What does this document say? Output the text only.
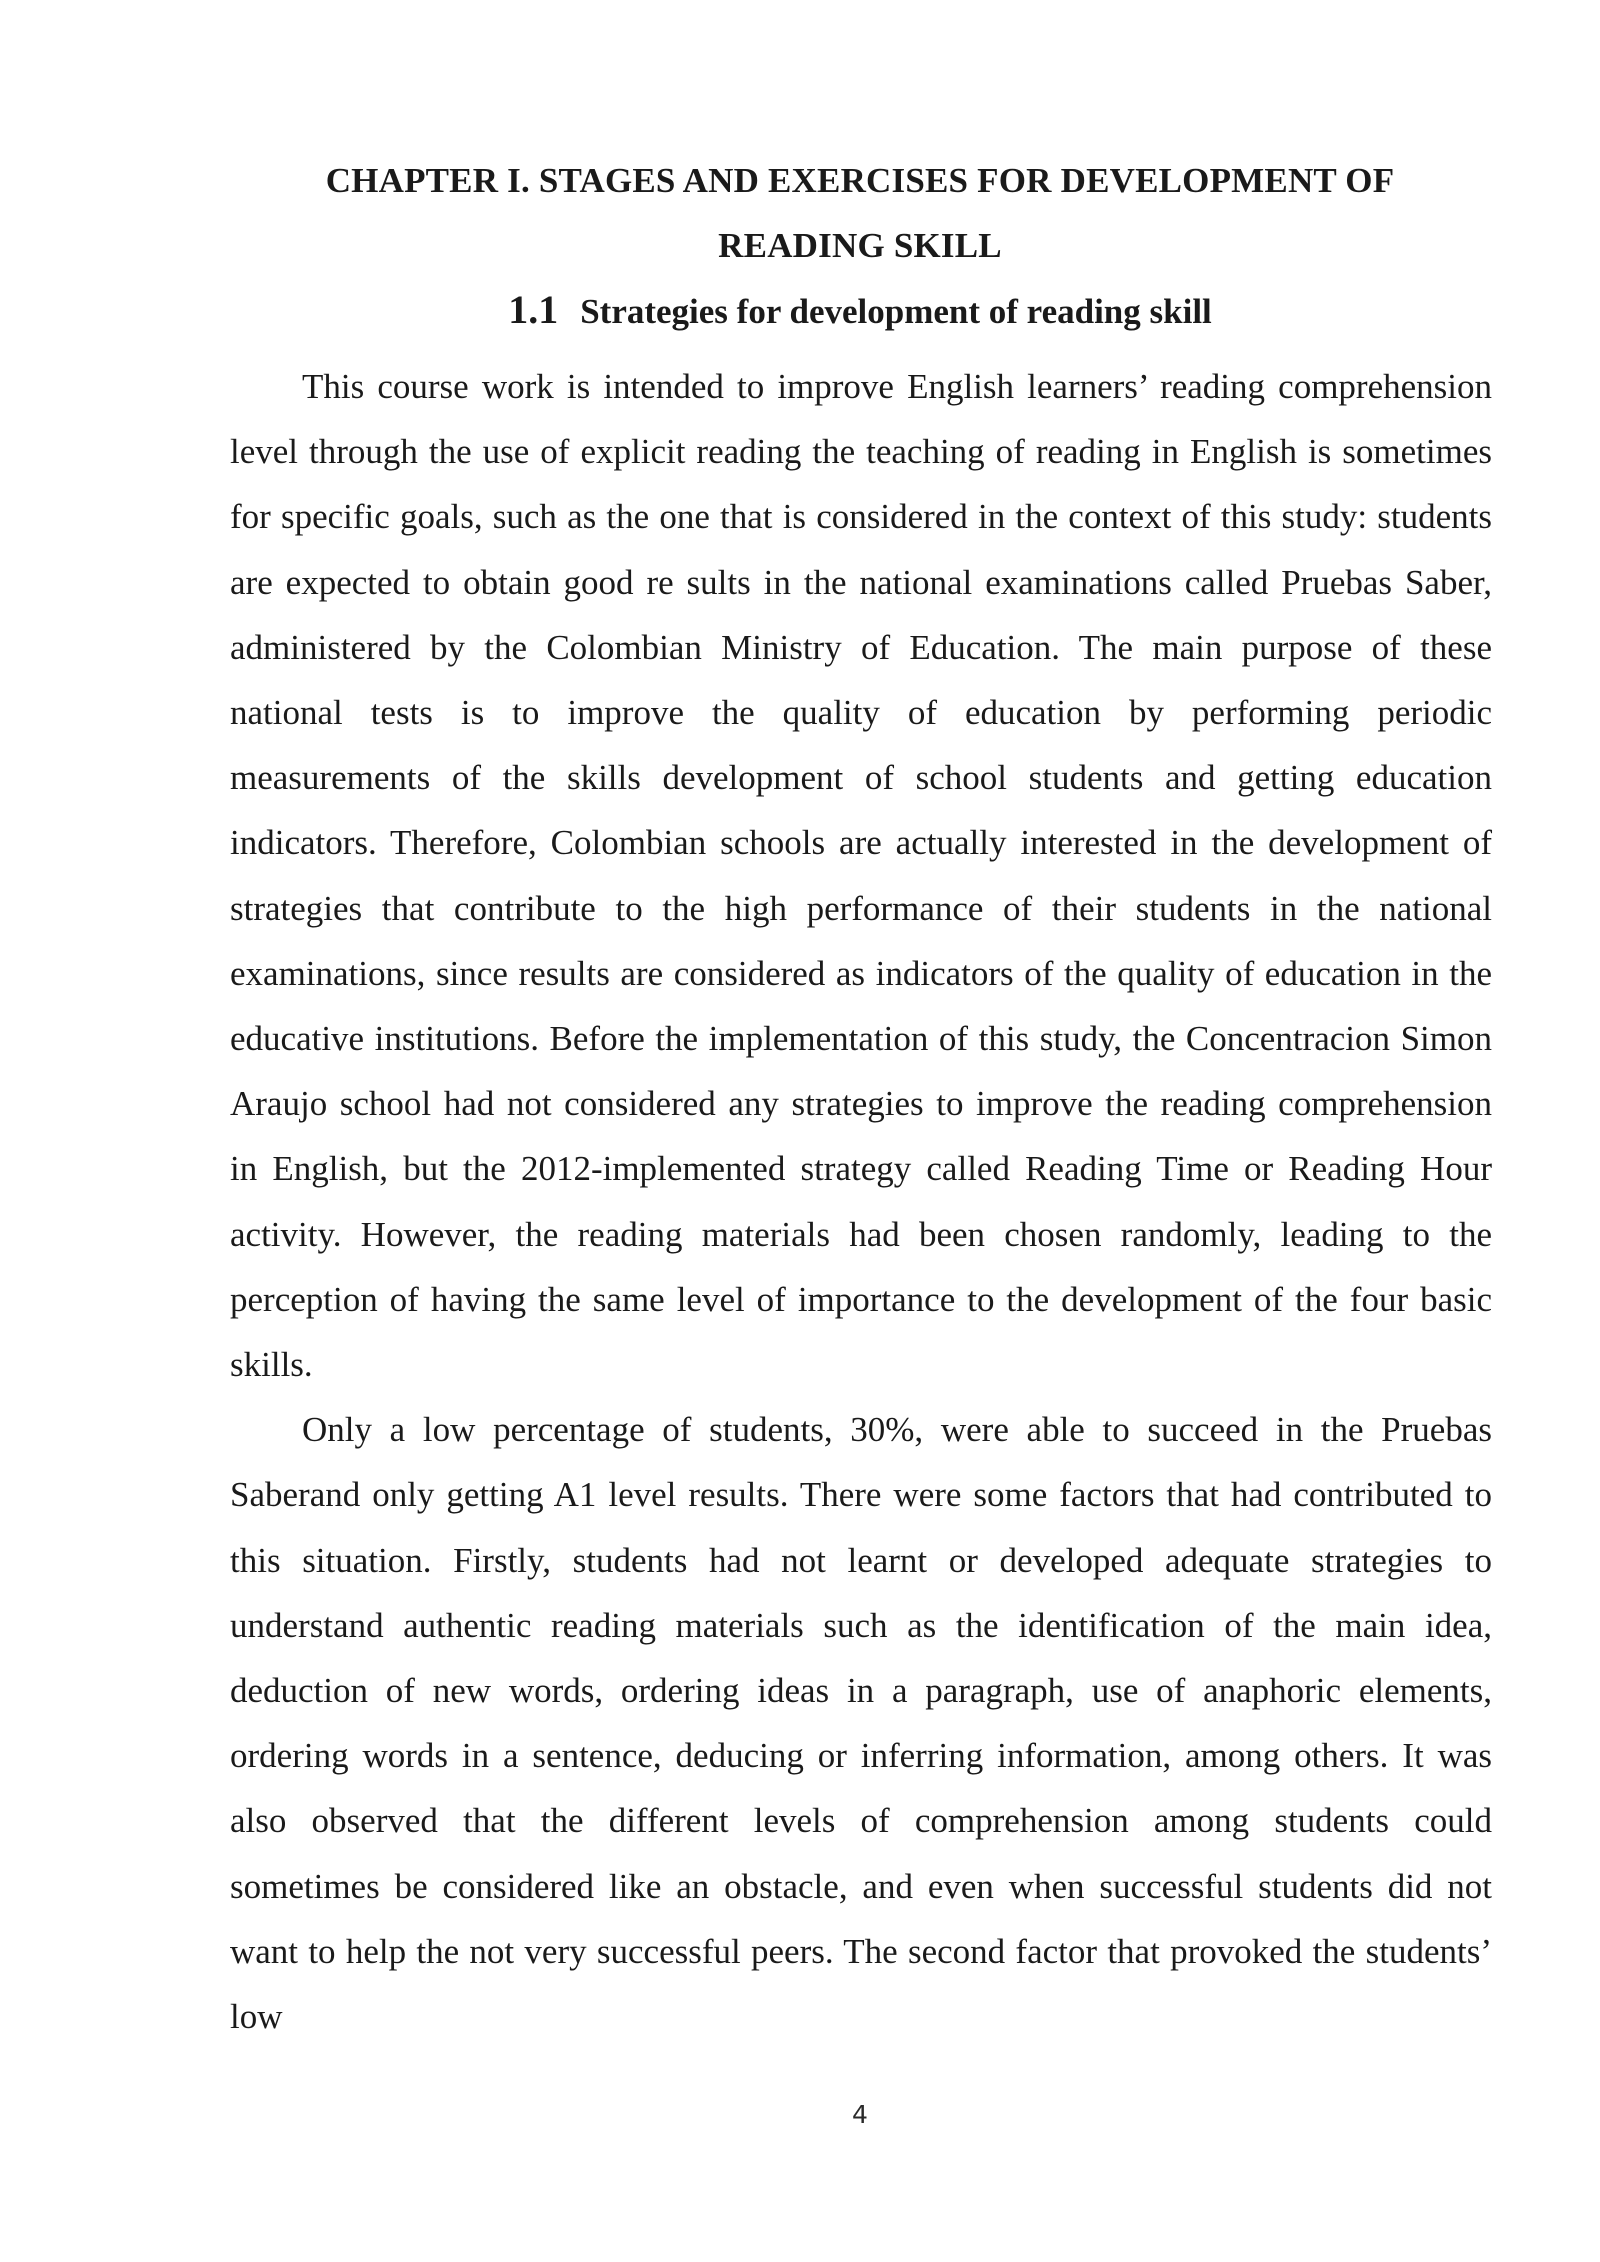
CHAPTER I. STAGES AND EXERCISES FOR DEVELOPMENT OF
READING SKILL
1.1 Strategies for development of reading skill

This course work is intended to improve English learners’ reading comprehension level through the use of explicit reading the teaching of reading in English is sometimes for specific goals, such as the one that is considered in the context of this study: students are expected to obtain good re sults in the national examinations called Pruebas Saber, administered by the Colombian Ministry of Education. The main purpose of these national tests is to improve the quality of education by performing periodic measurements of the skills development of school students and getting education indicators. Therefore, Colombian schools are actually interested in the development of strategies that contribute to the high performance of their students in the national examinations, since results are considered as indicators of the quality of education in the educative institutions. Before the implementation of this study, the Concentracion Simon Araujo school had not considered any strategies to improve the reading comprehension in English, but the 2012-implemented strategy called Reading Time or Reading Hour activity. However, the reading materials had been chosen randomly, leading to the perception of having the same level of importance to the development of the four basic skills.

Only a low percentage of students, 30%, were able to succeed in the Pruebas Saberand only getting A1 level results. There were some factors that had contributed to this situation. Firstly, students had not learnt or developed adequate strategies to understand authentic reading materials such as the identification of the main idea, deduction of new words, ordering ideas in a paragraph, use of anaphoric elements, ordering words in a sentence, deducing or inferring information, among others. It was also observed that the different levels of comprehension among students could sometimes be considered like an obstacle, and even when successful students did not want to help the not very successful peers. The second factor that provoked the students’ low

4
